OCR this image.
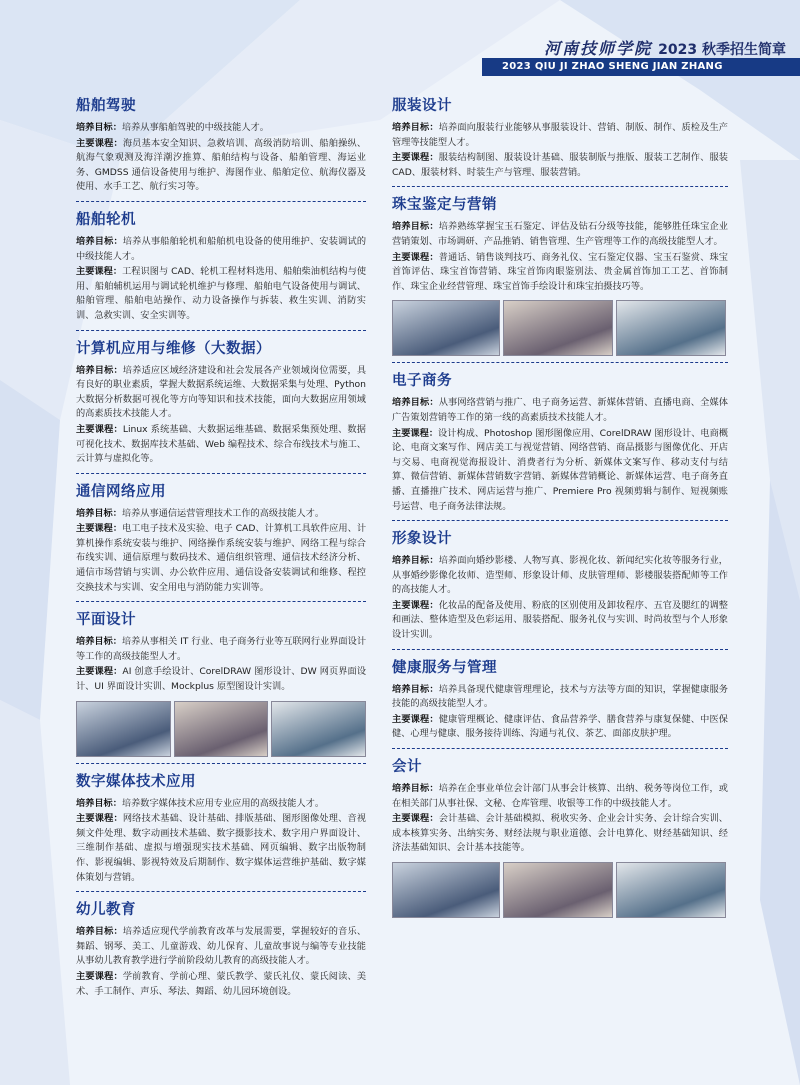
河南技师学院 2023 秋季招生简章
2023 QIU JI ZHAO SHENG JIAN ZHANG
船舶驾驶

培养目标：培养从事船舶驾驶的中级技能人才。

主要课程：海员基本安全知识、急救培训、高级消防培训、船舶操纵、航海气象观测及海洋潮汐推算、船舶结构与设备、船舶管理、海运业务、GMDSS 通信设备使用与维护、海图作业、船舶定位、航海仪器及使用、水手工艺、航行实习等。

船舶轮机

培养目标：培养从事船舶轮机和船舶机电设备的使用维护、安装调试的中级技能人才。

主要课程：工程识图与 CAD、轮机工程材料选用、船舶柴油机结构与使用、船舶辅机运用与调试轮机维护与修理、船舶电气设备使用与调试、船舶管理、船舶电站操作、动力设备操作与拆装、救生实训、消防实训、急救实训、安全实训等。

计算机应用与维修（大数据）

培养目标：培养适应区域经济建设和社会发展各产业领域岗位需要，具有良好的职业素质，掌握大数据系统运维、大数据采集与处理、Python 大数据分析数据可视化等方向等知识和技术技能，面向大数据应用领域的高素质技术技能人才。

主要课程：Linux 系统基础、大数据运维基础、数据采集预处理、数据可视化技术、数据库技术基础、Web 编程技术、综合布线技术与施工、云计算与虚拟化等。

通信网络应用

培养目标：培养从事通信运营管理技术工作的高级技能人才。

主要课程：电工电子技术及实验、电子 CAD、计算机工具软件应用、计算机操作系统安装与维护、网络操作系统安装与维护、网络工程与综合布线实训、通信原理与数码技术、通信组织管理、通信技术经济分析、通信市场营销与实训、办公软件应用、通信设备安装调试和维修、程控交换技术与实训、安全用电与消防能力实训等。

平面设计

培养目标：培养从事相关 IT 行业、电子商务行业等互联网行业界面设计等工作的高级技能型人才。

主要课程：AI 创意手绘设计、CorelDRAW 图形设计、DW 网页界面设计、UI 界面设计实训、Mockplus 原型图设计实训。

数字媒体技术应用

培养目标：培养数字媒体技术应用专业应用的高级技能人才。

主要课程：网络技术基础、设计基础、排版基础、图形图像处理、音视频文件处理、数字动画技术基础、数字摄影技术、数字用户界面设计、三维制作基础、虚拟与增强现实技术基础、网页编辑、数字出版物制作、影视编辑、影视特效及后期制作、数字媒体运营维护基础、数字媒体策划与营销。

幼儿教育

培养目标：培养适应现代学前教育改革与发展需要，掌握较好的音乐、舞蹈、钢琴、美工、儿童游戏、幼儿保育、儿童故事说与编等专业技能从事幼儿教育教学进行学前阶段幼儿教育的高级技能人才。

主要课程：学前教育、学前心理、蒙氏教学、蒙氏礼仪、蒙氏阅读、美术、手工制作、声乐、琴法、舞蹈、幼儿园环境创设。

服装设计

培养目标：培养面向服装行业能够从事服装设计、营销、制版、制作、质检及生产管理等技能型人才。

主要课程：服装结构制图、服装设计基础、服装制版与推版、服装工艺制作、服装 CAD、服装材料、时装生产与管理、服装营销。

珠宝鉴定与营销

培养目标：培养熟练掌握宝玉石鉴定、评估及钻石分级等技能，能够胜任珠宝企业营销策划、市场调研、产品推销、销售管理、生产管理等工作的高级技能型人才。

主要课程：普通话、销售谈判技巧、商务礼仪、宝石鉴定仪器、宝玉石鉴赏、珠宝首饰评估、珠宝首饰营销、珠宝首饰肉眼鉴别法、贵金属首饰加工工艺、首饰制作、珠宝企业经营管理、珠宝首饰手绘设计和珠宝拍摄技巧等。

电子商务

培养目标：从事网络营销与推广、电子商务运营、新媒体营销、直播电商、全媒体广告策划营销等工作的第一线的高素质技术技能人才。

主要课程：设计构成、Photoshop 图形图像应用、CorelDRAW 图形设计、电商概论、电商文案写作、网店美工与视觉营销、网络营销、商品摄影与图像优化、开店与交易、电商视觉海报设计、消费者行为分析、新媒体文案写作、移动支付与结算、微信营销、新媒体营销数字营销、新媒体营销概论、新媒体运营、电子商务直播、直播推广技术、网店运营与推广、Premiere Pro 视频剪辑与制作、短视频账号运营、电子商务法律法规。

形象设计

培养目标：培养面向婚纱影楼、人物写真、影视化妆、新闻纪实化妆等服务行业，从事婚纱影像化妆师、造型师、形象设计师、皮肤管理师、影楼服装搭配师等工作的高技能人才。

主要课程：化妆品的配备及使用、粉底的区别使用及卸妆程序、五官及腮红的调整和画法、整体造型及色彩运用、服装搭配、服务礼仪与实训、时尚妆型与个人形象设计实训。

健康服务与管理

培养目标：培养具备现代健康管理理论，技术与方法等方面的知识，掌握健康服务技能的高级技能型人才。

主要课程：健康管理概论、健康评估、食品营养学、膳食营养与康复保健、中医保健、心理与健康、服务接待训练、沟通与礼仪、茶艺、面部皮肤护理。

会计

培养目标：培养在企事业单位会计部门从事会计核算、出纳、税务等岗位工作，或在相关部门从事社保、文秘、仓库管理、收银等工作的中级技能人才。

主要课程：会计基础、会计基础模拟、税收实务、企业会计实务、会计综合实训、成本核算实务、出纳实务、财经法规与职业道德、会计电算化、财经基础知识、经济法基础知识、会计基本技能等。
